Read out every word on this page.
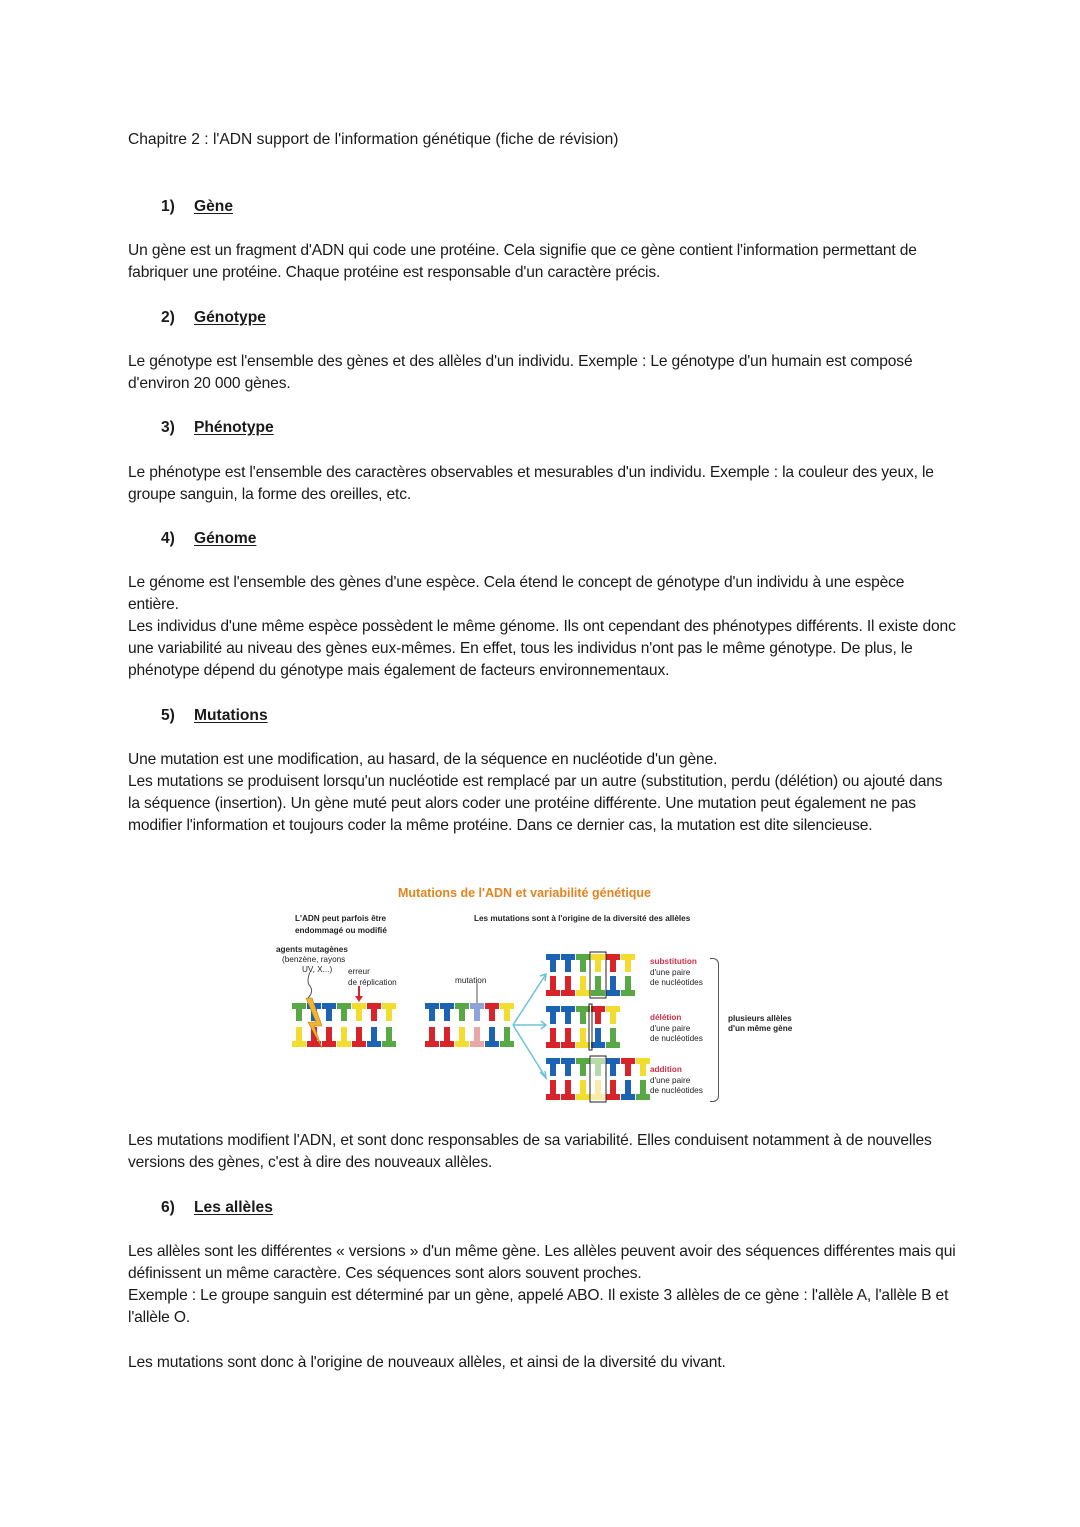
Chapitre 2 : l'ADN support de l'information génétique (fiche de révision)
1) Gène

Un gène est un fragment d'ADN qui code une protéine. Cela signifie que ce gène contient l'information permettant de fabriquer une protéine. Chaque protéine est responsable d'un caractère précis.

2) Génotype

Le génotype est l'ensemble des gènes et des allèles d'un individu. Exemple : Le génotype d'un humain est composé d'environ 20 000 gènes.

3) Phénotype

Le phénotype est l'ensemble des caractères observables et mesurables d'un individu. Exemple : la couleur des yeux, le groupe sanguin, la forme des oreilles, etc.

4) Génome

Le génome est l'ensemble des gènes d'une espèce. Cela étend le concept de génotype d'un individu à une espèce entière.

Les individus d'une même espèce possèdent le même génome. Ils ont cependant des phénotypes différents. Il existe donc une variabilité au niveau des gènes eux-mêmes. En effet, tous les individus n'ont pas le même génotype. De plus, le phénotype dépend du génotype mais également de facteurs environnementaux.

5) Mutations

Une mutation est une modification, au hasard, de la séquence en nucléotide d'un gène.

Les mutations se produisent lorsqu'un nucléotide est remplacé par un autre (substitution, perdu (délétion) ou ajouté dans la séquence (insertion). Un gène muté peut alors coder une protéine différente. Une mutation peut également ne pas modifier l'information et toujours coder la même protéine. Dans ce dernier cas, la mutation est dite silencieuse.

Les mutations modifient l'ADN, et sont donc responsables de sa variabilité. Elles conduisent notamment à de nouvelles versions des gènes, c'est à dire des nouveaux allèles.

6) Les allèles

Les allèles sont les différentes « versions » d'un même gène. Les allèles peuvent avoir des séquences différentes mais qui définissent un même caractère. Ces séquences sont alors souvent proches.

Exemple : Le groupe sanguin est déterminé par un gène, appelé ABO. Il existe 3 allèles de ce gène : l'allèle A, l'allèle B et l'allèle O.

Les mutations sont donc à l'origine de nouveaux allèles, et ainsi de la diversité du vivant.

Mutations de l'ADN et variabilité génétique
L'ADN peut parfois être
endommagé ou modifié
Les mutations sont à l'origine de la diversité des allèles
agents mutagènes
(benzène, rayons
UV, X...) erreur
de réplication	mutation
substitution
d'une paire
de nucléotides
délétion
d'une paire
de nucléotides
addition
d'une paire
de nucléotides
plusieurs allèles
d'un même gène
